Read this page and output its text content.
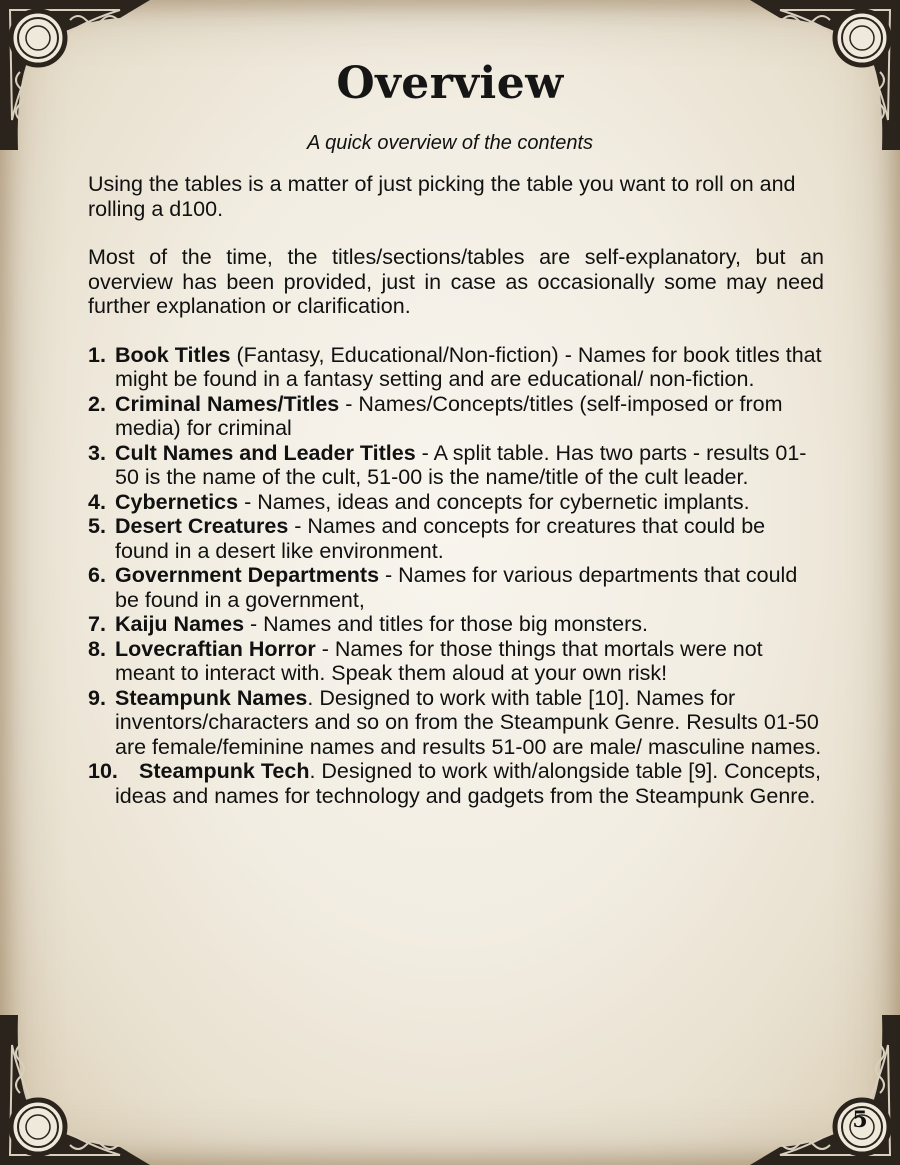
Overview

A quick overview of the contents

Using the tables is a matter of just picking the table you want to roll on and rolling a d100.

Most of the time, the titles/sections/tables are self-explanatory, but an overview has been provided, just in case as occasionally some may need further explanation or clarification.

1. Book Titles (Fantasy, Educational/Non-fiction) - Names for book titles that might be found in a fantasy setting and are educational/ non-fiction.
2. Criminal Names/Titles - Names/Concepts/titles (self-imposed or from media) for criminal
3. Cult Names and Leader Titles - A split table. Has two parts - results 01-50 is the name of the cult, 51-00 is the name/title of the cult leader.
4. Cybernetics - Names, ideas and concepts for cybernetic implants.
5. Desert Creatures - Names and concepts for creatures that could be found in a desert like environment.
6. Government Departments - Names for various departments that could be found in a government,
7. Kaiju Names - Names and titles for those big monsters.
8. Lovecraftian Horror - Names for those things that mortals were not meant to interact with. Speak them aloud at your own risk!
9. Steampunk Names. Designed to work with table [10]. Names for inventors/characters and so on from the Steampunk Genre. Results 01-50 are female/feminine names and results 51-00 are male/ masculine names.
10. Steampunk Tech. Designed to work with/alongside table [9]. Concepts, ideas and names for technology and gadgets from the Steampunk Genre.
5
